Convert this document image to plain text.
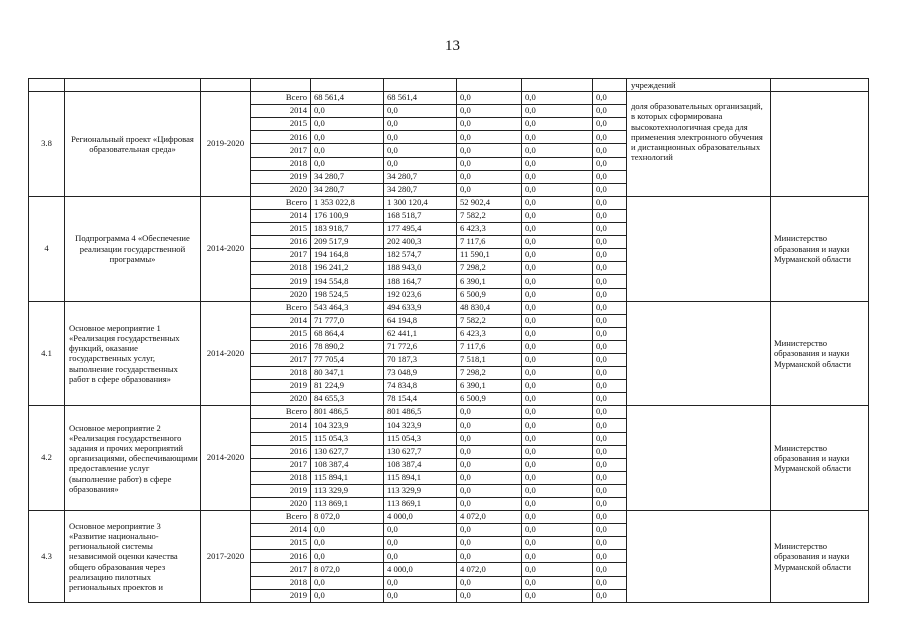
13
									учреждений	
3.8	Региональный проект «Цифровая образовательная среда»	2019-2020	Всего	68 561,4	68 561,4	0,0	0,0	0,0	доля образовательных организаций, в которых сформирована высокотехнологичная среда для применения электронного обучения и дистанционных образовательных технологий	
			2014	0,0	0,0	0,0	0,0	0,0		
			2015	0,0	0,0	0,0	0,0	0,0		
			2016	0,0	0,0	0,0	0,0	0,0		
			2017	0,0	0,0	0,0	0,0	0,0		
			2018	0,0	0,0	0,0	0,0	0,0		
			2019	34 280,7	34 280,7	0,0	0,0	0,0		
			2020	34 280,7	34 280,7	0,0	0,0	0,0		
4	Подпрограмма 4 «Обеспечение реализации государственной программы»	2014-2020	Всего	1 353 022,8	1 300 120,4	52 902,4	0,0	0,0		Министерство образования и науки Мурманской области
			2014	176 100,9	168 518,7	7 582,2	0,0	0,0		
			2015	183 918,7	177 495,4	6 423,3	0,0	0,0		
			2016	209 517,9	202 400,3	7 117,6	0,0	0,0		
			2017	194 164,8	182 574,7	11 590,1	0,0	0,0		
			2018	196 241,2	188 943,0	7 298,2	0,0	0,0		
			2019	194 554,8	188 164,7	6 390,1	0,0	0,0		
			2020	198 524,5	192 023,6	6 500,9	0,0	0,0		
4.1	Основное мероприятие 1 «Реализация государственных функций, оказание государственных услуг, выполнение государственных работ в сфере образования»	2014-2020	Всего	543 464,3	494 633,9	48 830,4	0,0	0,0		Министерство образования и науки Мурманской области
			2014	71 777,0	64 194,8	7 582,2	0,0	0,0		
			2015	68 864,4	62 441,1	6 423,3	0,0	0,0		
			2016	78 890,2	71 772,6	7 117,6	0,0	0,0		
			2017	77 705,4	70 187,3	7 518,1	0,0	0,0		
			2018	80 347,1	73 048,9	7 298,2	0,0	0,0		
			2019	81 224,9	74 834,8	6 390,1	0,0	0,0		
			2020	84 655,3	78 154,4	6 500,9	0,0	0,0		
4.2	Основное мероприятие 2 «Реализация государственного задания и прочих мероприятий организациями, обеспечивающими предоставление услуг (выполнение работ) в сфере образования»	2014-2020	Всего	801 486,5	801 486,5	0,0	0,0	0,0		Министерство образования и науки Мурманской области
			2014	104 323,9	104 323,9	0,0	0,0	0,0		
			2015	115 054,3	115 054,3	0,0	0,0	0,0		
			2016	130 627,7	130 627,7	0,0	0,0	0,0		
			2017	108 387,4	108 387,4	0,0	0,0	0,0		
			2018	115 894,1	115 894,1	0,0	0,0	0,0		
			2019	113 329,9	113 329,9	0,0	0,0	0,0		
			2020	113 869,1	113 869,1	0,0	0,0	0,0		
4.3	Основное мероприятие 3 «Развитие национально-региональной системы независимой оценки качества общего образования через реализацию пилотных региональных проектов и	2017-2020	Всего	8 072,0	4 000,0	4 072,0	0,0	0,0		Министерство образования и науки Мурманской области
			2014	0,0	0,0	0,0	0,0	0,0		
			2015	0,0	0,0	0,0	0,0	0,0		
			2016	0,0	0,0	0,0	0,0	0,0		
			2017	8 072,0	4 000,0	4 072,0	0,0	0,0		
			2018	0,0	0,0	0,0	0,0	0,0		
			2019	0,0	0,0	0,0	0,0	0,0		
